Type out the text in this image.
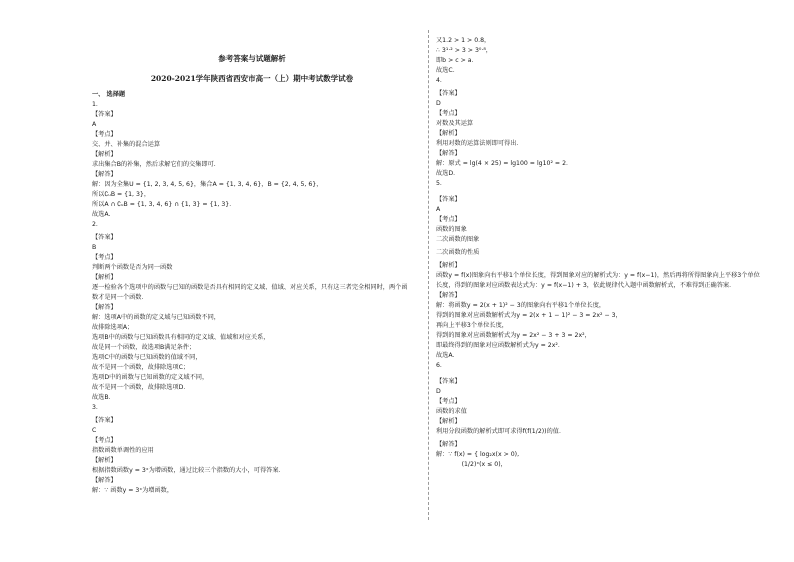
参考答案与试题解析
2020-2021学年陕西省西安市高一（上）期中考试数学试卷
一、 选择题
1.
【答案】
A
【考点】
交、并、补集的混合运算
【解析】
求出集合B的补集，然后求解它们的交集即可.
【解答】
解：因为全集U = {1, 2, 3, 4, 5, 6}，集合A = {1, 3, 4, 6}，B = {2, 4, 5, 6}，
所以∁ᵤB = {1, 3}，
所以A ∩ ∁ᵤB = {1, 3, 4, 6} ∩ {1, 3} = {1, 3}．
故选A.
2.
【答案】
B
【考点】
判断两个函数是否为同一函数
【解析】
逐一检验各个选项中的函数与已知的函数是否具有相同的定义域、值域、对应关系，只有这三者完全相同时，两个函数才是同一个函数．
【解答】
解：选项A中的函数的定义域与已知函数不同，
故排除选项A；
选项B中的函数与已知函数具有相同的定义域、值域和对应关系，
故是同一个函数，故选项B满足条件；
选项C中的函数与已知函数的值域不同，
故不是同一个函数，故排除选项C；
选项D中的函数与已知函数的定义域不同，
故不是同一个函数，故排除选项D．
故选B．
3.
【答案】
C
【考点】
指数函数单调性的应用
【解析】
根据指数函数y = 3ˣ为增函数，通过比较三个指数的大小，可得答案．
【解答】
解：∵ 函数y = 3ˣ为增函数，
又1.2 > 1 > 0.8，
∴ 3¹·² > 3 > 3⁰·⁸，
即b > c > a．
故选C．
4.
【答案】
D
【考点】
对数及其运算
【解析】
利用对数的运算法则即可得出．
【解答】
解：原式 = lg(4 × 25) = lg100 = lg10² = 2．
故选D．
5.
【答案】
A
【考点】
函数的图象
二次函数的图象
二次函数的性质
【解析】
函数y = f(x)图象向右平移1个单位长度，得到图象对应的解析式为：y = f(x−1)，然后再将所得图象向上平移3个单位长度，得到的图象对应函数表达式为：y = f(x−1) + 3，依此规律代入题中函数解析式，不难得到正确答案．
【解答】
解：将函数y = 2(x + 1)² − 3的图象向右平移1个单位长度，
得到的图象对应函数解析式为y = 2(x + 1 − 1)² − 3 = 2x² − 3，
再向上平移3个单位长度，
得到的图象对应函数解析式为y = 2x² − 3 + 3 = 2x²，
即最终得到的图象对应函数解析式为y = 2x²．
故选A．
6.
【答案】
D
【考点】
函数的求值
【解析】
利用分段函数的解析式即可求得f(f(1/2))的值．
【解答】
解：∵ f(x) = { log₂x(x > 0),
(1/2)ˣ(x ≤ 0)，
